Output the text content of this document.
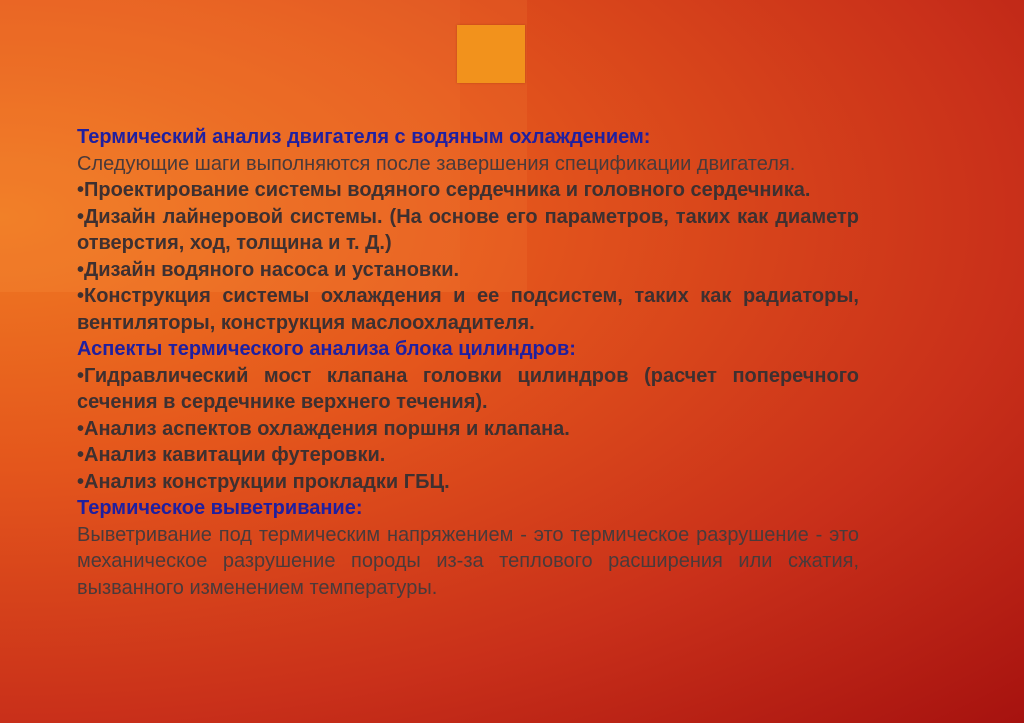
Термический анализ двигателя с водяным охлаждением:

Следующие шаги выполняются после завершения спецификации двигателя.

•Проектирование системы водяного сердечника и головного сердечника.

•Дизайн лайнеровой системы. (На основе его параметров, таких как диаметр отверстия, ход, толщина и т. Д.)

•Дизайн водяного насоса и установки.

•Конструкция системы охлаждения и ее подсистем, таких как радиаторы, вентиляторы, конструкция маслоохладителя.

Аспекты термического анализа блока цилиндров:

•Гидравлический мост клапана головки цилиндров (расчет поперечного сечения в сердечнике верхнего течения).

•Анализ аспектов охлаждения поршня и клапана.

•Анализ кавитации футеровки.

•Анализ конструкции прокладки ГБЦ.

Термическое выветривание:

Выветривание под термическим напряжением - это термическое разрушение - это механическое разрушение породы из-за теплового расширения или сжатия, вызванного изменением температуры.
